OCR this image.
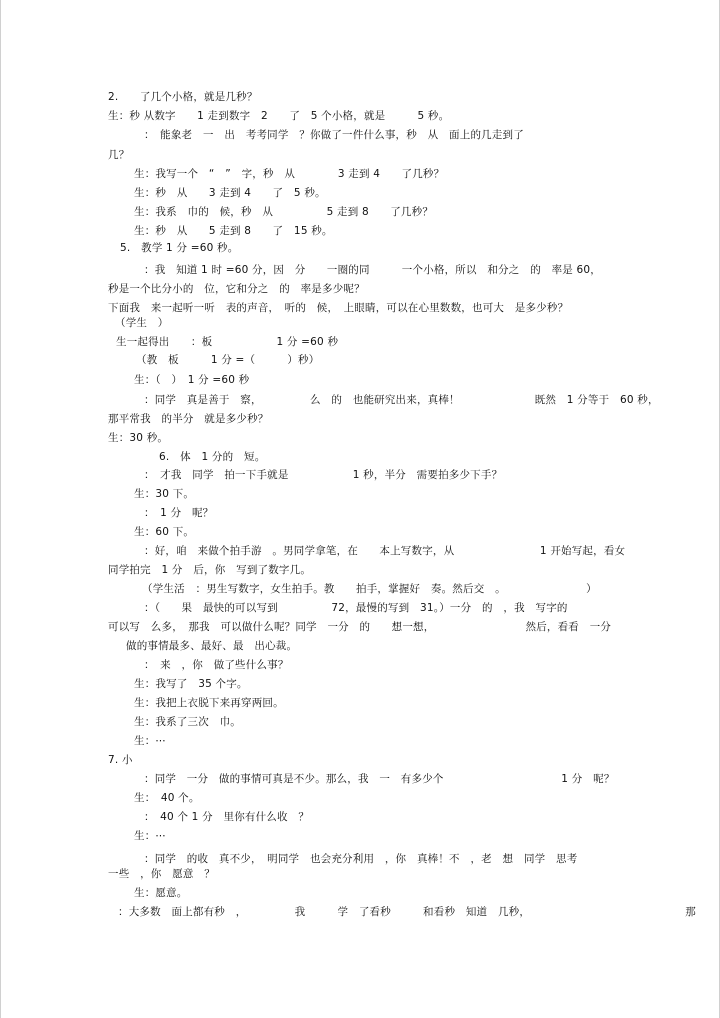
2.　　了几个小格，就是几秒？
生：秒 从数字　　1 走到数字　2　　了　5 个小格，就是　　　5 秒。
：　能象老　一　出　考考同学　？你做了一件什么事，秒　从　面上的几走到了
几？
生：我写一个　“　”　字，秒　从　　　　3 走到 4　　了几秒？
生：秒　从　　3 走到 4　　了　5 秒。
生：我系　巾的　候，秒　从　　　　　5 走到 8　　了几秒？
生：秒　从　　5 走到 8　　了　15 秒。
5.　教学 1 分 =60 秒。
：我　知道 1 时 =60 分，因　分　　一圈的同　　　一个小格，所以　和分之　的　率是 60，
秒是一个比分小的　位，它和分之　的　率是多少呢？
下面我　来一起听一听　表的声音，　听的　候，　上眼睛，可以在心里数数，也可大　是多少秒？
（学生　）
生一起得出　　：板　　　　　　1 分 =60 秒
（教　板　　　1 分 =（　　　）秒）
生：（　）　1 分 =60 秒
：同学　真是善于　察，　　　　　么　的　也能研究出来，真棒！　　　　　　　既然　1 分等于　60 秒，
那平常我　的半分　就是多少秒？
生：30 秒。
6.　体　1 分的　短。
：　才我　同学　拍一下手就是　　　　　　1 秒，半分　需要拍多少下手？
生：30 下。
：　1 分　呢？
生：60 下。
：好，咱　来做个拍手游　。男同学拿笔，在　　本上写数字，从　　　　　　　　1 开始写起，看女
同学拍完　1 分　后，你　写到了数字几。
（学生活　：男生写数字，女生拍手。教　　拍手，掌握好　奏。然后交　。　　　　　　　　）
：（　　果　最快的可以写到　　　　　72，最慢的写到　31。）一分　的　，我　写字的
可以写　么多，　那我　可以做什么呢？同学　一分　的　　想一想，　　　　　　　　　然后，看看　一分
做的事情最多、最好、最　出心裁。
：　来　，你　做了些什么事？
生：我写了　35 个字。
生：我把上衣脱下来再穿两回。
生：我系了三次　巾。
生：⋯
7. 小
：同学　一分　做的事情可真是不少。那么，我　一　有多少个　　　　　　　　　　　1 分　呢？
生：　40 个。
：　40 个 1 分　里你有什么收　？
生：⋯
：同学　的收　真不少，　明同学　也会充分利用　，你　真棒！不　，老　想　同学　思考
一些　，你　愿意　？
生：愿意。
：大多数　面上都有秒　，　　　　　我　　　学　了看秒　　　和看秒　知道　几秒，　　　　　　　　　　　　　　　那
